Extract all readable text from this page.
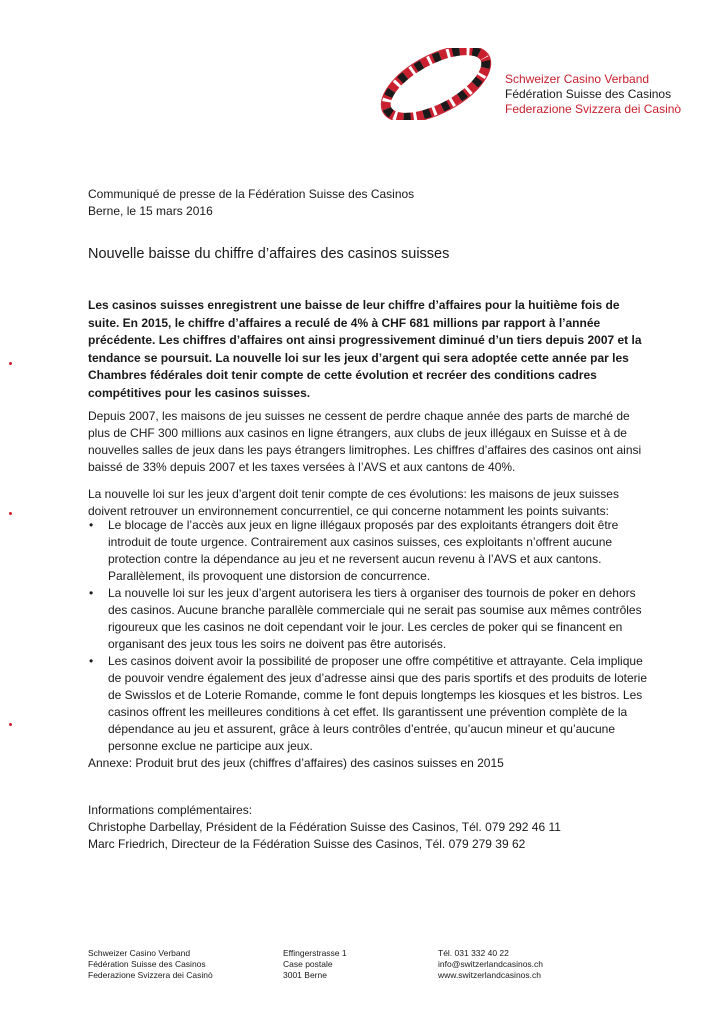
Schweizer Casino Verband
Fédération Suisse des Casinos
Federazione Svizzera dei Casinò
Communiqué de presse de la Fédération Suisse des Casinos
Berne, le 15 mars 2016
Nouvelle baisse du chiffre d’affaires des casinos suisses
Les casinos suisses enregistrent une baisse de leur chiffre d’affaires pour la huitième fois de suite. En 2015, le chiffre d’affaires a reculé de 4% à CHF 681 millions par rapport à l’année précédente. Les chiffres d’affaires ont ainsi progressivement diminué d’un tiers depuis 2007 et la tendance se poursuit. La nouvelle loi sur les jeux d’argent qui sera adoptée cette année par les Chambres fédérales doit tenir compte de cette évolution et recréer des conditions cadres compétitives pour les casinos suisses.
Depuis 2007, les maisons de jeu suisses ne cessent de perdre chaque année des parts de marché de plus de CHF 300 millions aux casinos en ligne étrangers, aux clubs de jeux illégaux en Suisse et à de nouvelles salles de jeux dans les pays étrangers limitrophes. Les chiffres d’affaires des casinos ont ainsi baissé de 33% depuis 2007 et les taxes versées à l’AVS et aux cantons de 40%.
La nouvelle loi sur les jeux d’argent doit tenir compte de ces évolutions: les maisons de jeux suisses doivent retrouver un environnement concurrentiel, ce qui concerne notamment les points suivants:
• Le blocage de l’accès aux jeux en ligne illégaux proposés par des exploitants étrangers doit être introduit de toute urgence. Contrairement aux casinos suisses, ces exploitants n’offrent aucune protection contre la dépendance au jeu et ne reversent aucun revenu à l’AVS et aux cantons. Parallèlement, ils provoquent une distorsion de concurrence.
• La nouvelle loi sur les jeux d’argent autorisera les tiers à organiser des tournois de poker en dehors des casinos. Aucune branche parallèle commerciale qui ne serait pas soumise aux mêmes contrôles rigoureux que les casinos ne doit cependant voir le jour. Les cercles de poker qui se financent en organisant des jeux tous les soirs ne doivent pas être autorisés.
• Les casinos doivent avoir la possibilité de proposer une offre compétitive et attrayante. Cela implique de pouvoir vendre également des jeux d’adresse ainsi que des paris sportifs et des produits de loterie de Swisslos et de Loterie Romande, comme le font depuis longtemps les kiosques et les bistros. Les casinos offrent les meilleures conditions à cet effet. Ils garantissent une prévention complète de la dépendance au jeu et assurent, grâce à leurs contrôles d’entrée, qu’aucun mineur et qu’aucune personne exclue ne participe aux jeux.
Annexe: Produit brut des jeux (chiffres d’affaires) des casinos suisses en 2015
Informations complémentaires:
Christophe Darbellay, Président de la Fédération Suisse des Casinos, Tél. 079 292 46 11
Marc Friedrich, Directeur de la Fédération Suisse des Casinos, Tél. 079 279 39 62
Schweizer Casino Verband
Fédération Suisse des Casinos
Federazione Svizzera dei Casinò
Effingerstrasse 1
Case postale
3001 Berne
Tél. 031 332 40 22
info@switzerlandcasinos.ch
www.switzerlandcasinos.ch
